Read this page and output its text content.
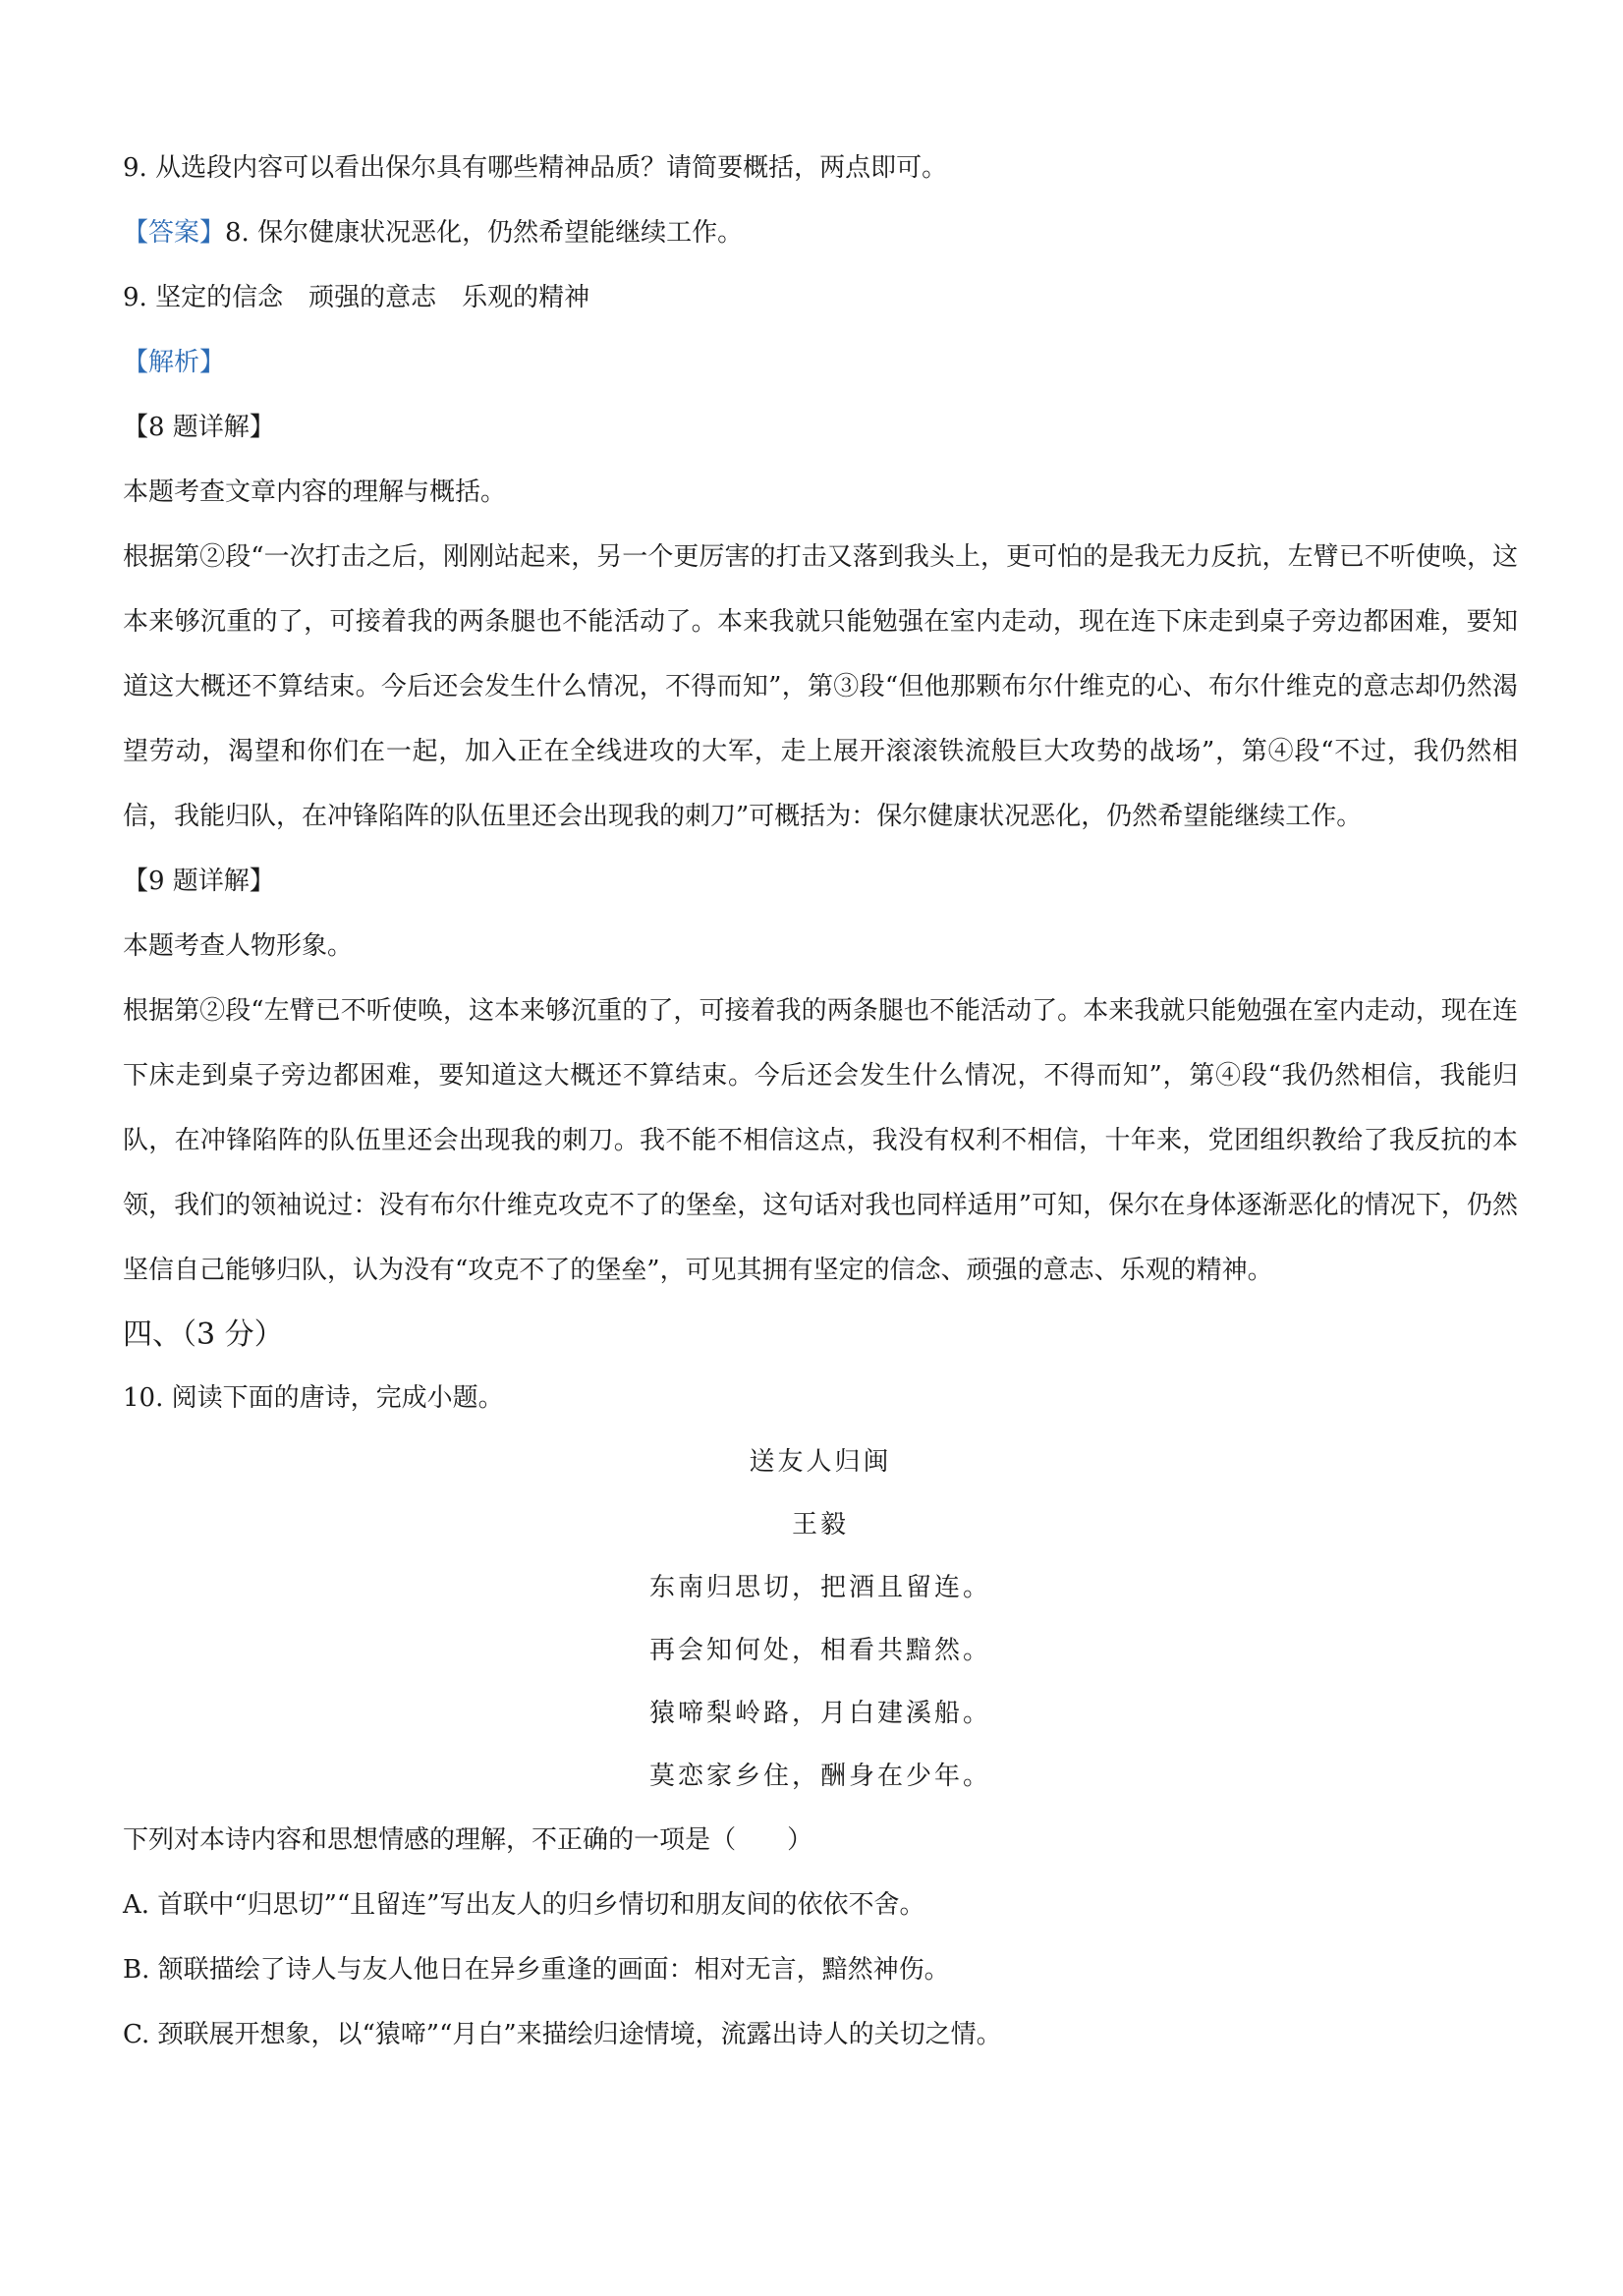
9. 从选段内容可以看出保尔具有哪些精神品质？请简要概括，两点即可。
【答案】8. 保尔健康状况恶化，仍然希望能继续工作。
9. 坚定的信念　顽强的意志　乐观的精神
【解析】
【8 题详解】
本题考查文章内容的理解与概括。
根据第②段“一次打击之后，刚刚站起来，另一个更厉害的打击又落到我头上，更可怕的是我无力反抗，左臂已不听使唤，这本来够沉重的了，可接着我的两条腿也不能活动了。本来我就只能勉强在室内走动，现在连下床走到桌子旁边都困难，要知道这大概还不算结束。今后还会发生什么情况，不得而知”，第③段“但他那颗布尔什维克的心、布尔什维克的意志却仍然渴望劳动，渴望和你们在一起，加入正在全线进攻的大军，走上展开滚滚铁流般巨大攻势的战场”，第④段“不过，我仍然相信，我能归队，在冲锋陷阵的队伍里还会出现我的刺刀”可概括为：保尔健康状况恶化，仍然希望能继续工作。
【9 题详解】
本题考查人物形象。
根据第②段“左臂已不听使唤，这本来够沉重的了，可接着我的两条腿也不能活动了。本来我就只能勉强在室内走动，现在连下床走到桌子旁边都困难，要知道这大概还不算结束。今后还会发生什么情况，不得而知”，第④段“我仍然相信，我能归队，在冲锋陷阵的队伍里还会出现我的刺刀。我不能不相信这点，我没有权利不相信，十年来，党团组织教给了我反抗的本领，我们的领袖说过：没有布尔什维克攻克不了的堡垒，这句话对我也同样适用”可知，保尔在身体逐渐恶化的情况下，仍然坚信自己能够归队，认为没有“攻克不了的堡垒”，可见其拥有坚定的信念、顽强的意志、乐观的精神。
四、（3 分）
10. 阅读下面的唐诗，完成小题。
送友人归闽
王毅
东南归思切，把酒且留连。
再会知何处，相看共黯然。
猿啼梨岭路，月白建溪船。
莫恋家乡住，酬身在少年。
下列对本诗内容和思想情感的理解，不 ·正 ·确 ·的一项是（　　）
A. 首联中“归思切”“且留连”写出友人的归乡情切和朋友间的依依不舍。
B. 颔联描绘了诗人与友人他日在异乡重逢的画面：相对无言，黯然神伤。
C. 颈联展开想象，以“猿啼”“月白”来描绘归途情境，流露出诗人的关切之情。
